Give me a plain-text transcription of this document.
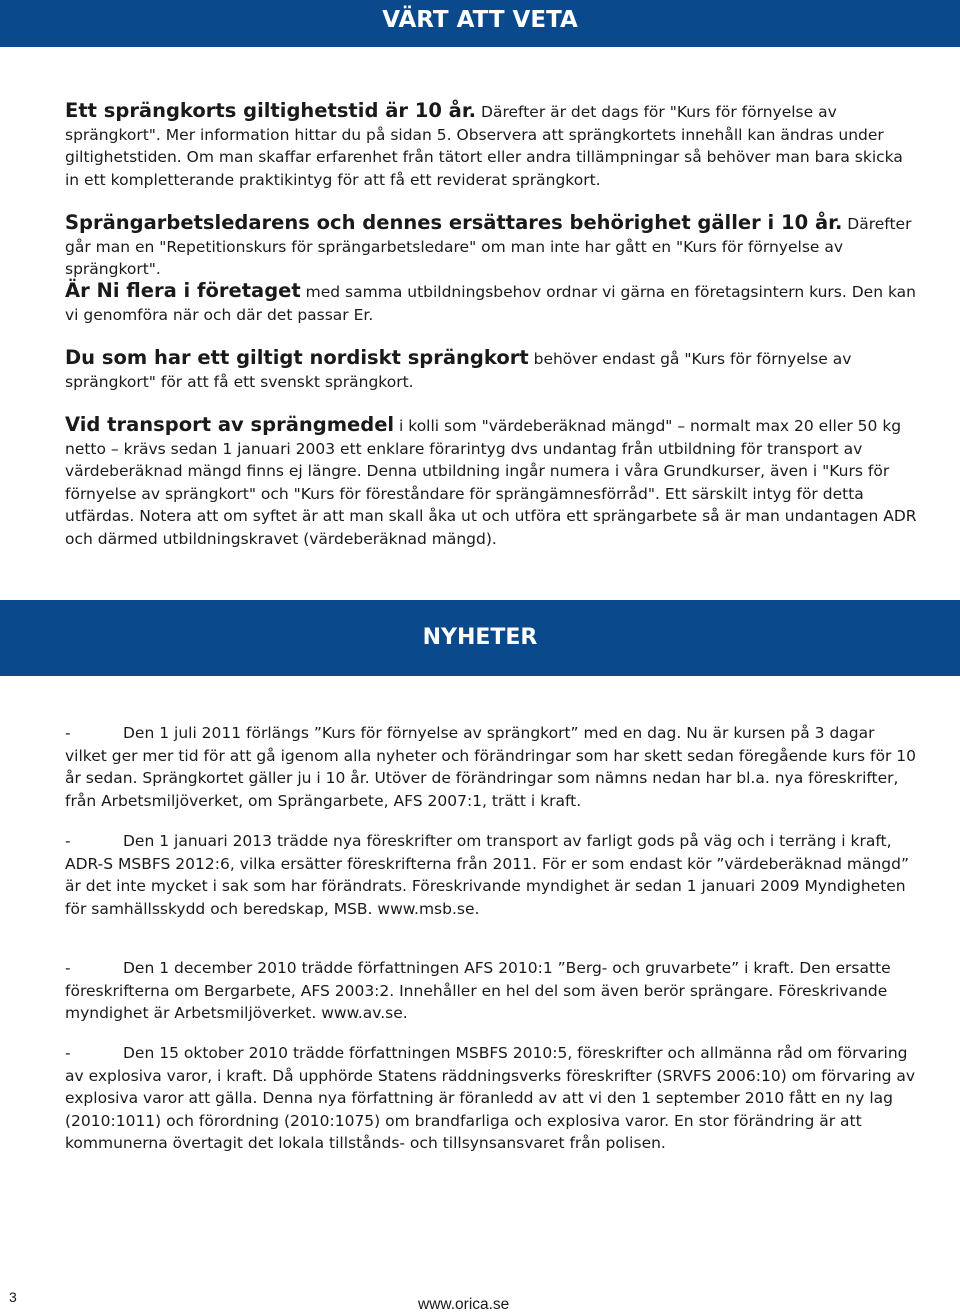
VÄRT ATT VETA

Ett sprängkorts giltighetstid är 10 år. Därefter är det dags för "Kurs för förnyelse av sprängkort". Mer information hittar du på sidan 5. Observera att sprängkortets innehåll kan ändras under giltighetstiden. Om man skaffar erfarenhet från tätort eller andra tillämpningar så behöver man bara skicka in ett kompletterande praktikintyg för att få ett reviderat sprängkort.

Sprängarbetsledarens och dennes ersättares behörighet gäller i 10 år. Därefter går man en "Repetitionskurs för sprängarbetsledare" om man inte har gått en "Kurs för förnyelse av sprängkort".

Är Ni flera i företaget med samma utbildningsbehov ordnar vi gärna en företagsintern kurs. Den kan vi genomföra när och där det passar Er.

Du som har ett giltigt nordiskt sprängkort behöver endast gå "Kurs för förnyelse av sprängkort" för att få ett svenskt sprängkort.

Vid transport av sprängmedel i kolli som "värdeberäknad mängd" – normalt max 20 eller 50 kg netto – krävs sedan 1 januari 2003 ett enklare förarintyg dvs undantag från utbildning för transport av värdeberäknad mängd finns ej längre. Denna utbildning ingår numera i våra Grundkurser, även i "Kurs för förnyelse av sprängkort" och "Kurs för föreståndare för sprängämnesförråd". Ett särskilt intyg för detta utfärdas. Notera att om syftet är att man skall åka ut och utföra ett sprängarbete så är man undantagen ADR och därmed utbildningskravet (värdeberäknad mängd).

NYHETER

-	Den 1 juli 2011 förlängs ”Kurs för förnyelse av sprängkort” med en dag. Nu är kursen på 3 dagar vilket ger mer tid för att gå igenom alla nyheter och förändringar som har skett sedan föregående kurs för 10 år sedan. Sprängkortet gäller ju i 10 år. Utöver de förändringar som nämns nedan har bl.a. nya föreskrifter, från Arbetsmiljöverket, om Sprängarbete, AFS 2007:1, trätt i kraft.

-	Den 1 januari 2013 trädde nya föreskrifter om transport av farligt gods på väg och i terräng i kraft, ADR-S MSBFS 2012:6, vilka ersätter föreskrifterna från 2011. För er som endast kör ”värdeberäknad mängd” är det inte mycket i sak som har förändrats. Föreskrivande myndighet är sedan 1 januari 2009 Myndigheten för samhällsskydd och beredskap, MSB. www.msb.se.

-	Den 1 december 2010 trädde författningen AFS 2010:1 ”Berg- och gruvarbete” i kraft. Den ersatte föreskrifterna om Bergarbete, AFS 2003:2. Innehåller en hel del som även berör sprängare. Föreskrivande myndighet är Arbetsmiljöverket. www.av.se.

-	Den 15 oktober 2010 trädde författningen MSBFS 2010:5, föreskrifter och allmänna råd om förvaring av explosiva varor, i kraft. Då upphörde Statens räddningsverks föreskrifter (SRVFS 2006:10) om förvaring av explosiva varor att gälla. Denna nya författning är föranledd av att vi den 1 september 2010 fått en ny lag (2010:1011) och förordning (2010:1075) om brandfarliga och explosiva varor. En stor förändring är att kommunerna övertagit det lokala tillstånds- och tillsynsansvaret från polisen.

3	www.orica.se
